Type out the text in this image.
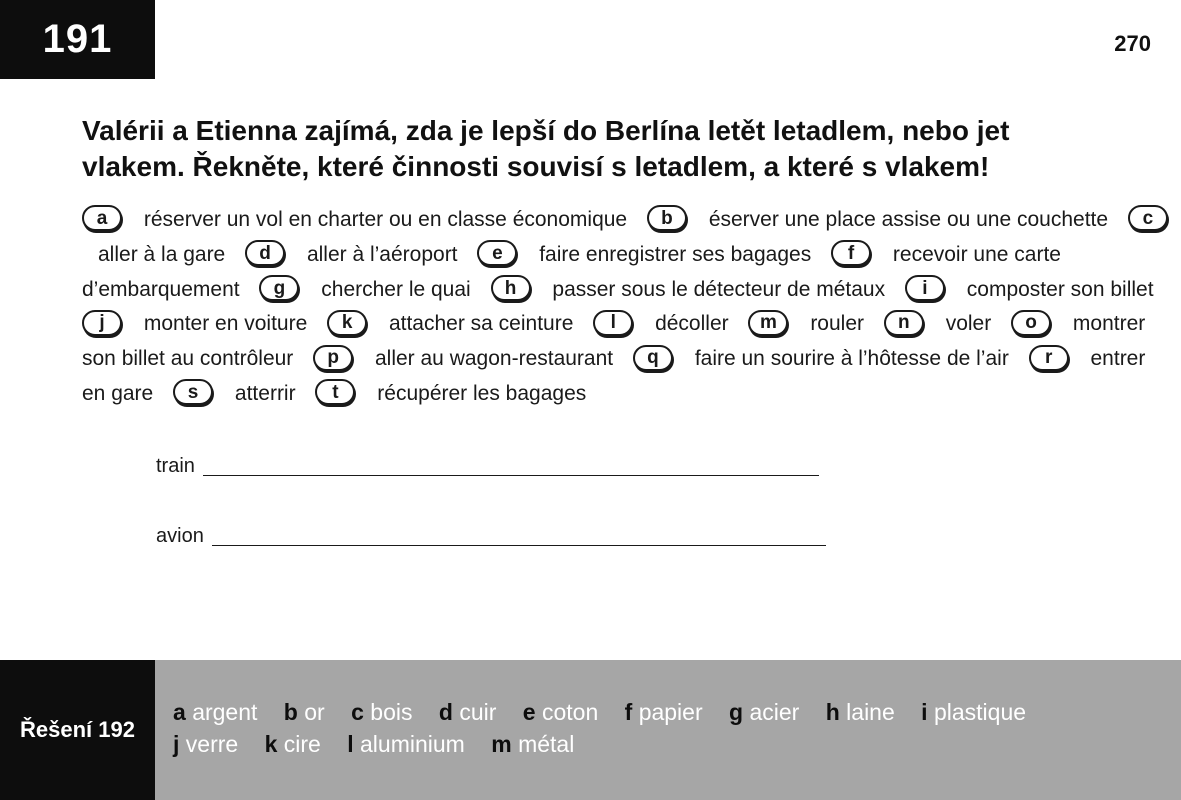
191	270
Valérii a Etienna zajímá, zda je lepší do Berlína letět letadlem, nebo jet
vlakem. Řekněte, které činnosti souvisí s letadlem, a které s vlakem!
a réserver un vol en charter ou en classe économique b éserver une place assise ou une couchette c aller à la gare d aller à l’aéroport e faire enregistrer ses bagages f recevoir une carte d’embarquement g chercher le quai h passer sous le détecteur de métaux i composter son billet j monter en voiture k attacher sa ceinture l décoller m rouler n voler o montrer son billet au contrôleur p aller au wagon-restaurant q faire un sourire à l’hôtesse de l’air r entrer en gare s atterrir t récupérer les bagages
train
avion
Řešení 192
a argent b or c bois d cuir e coton f papier g acier h laine i plastique
j verre k cire l aluminium m métal
